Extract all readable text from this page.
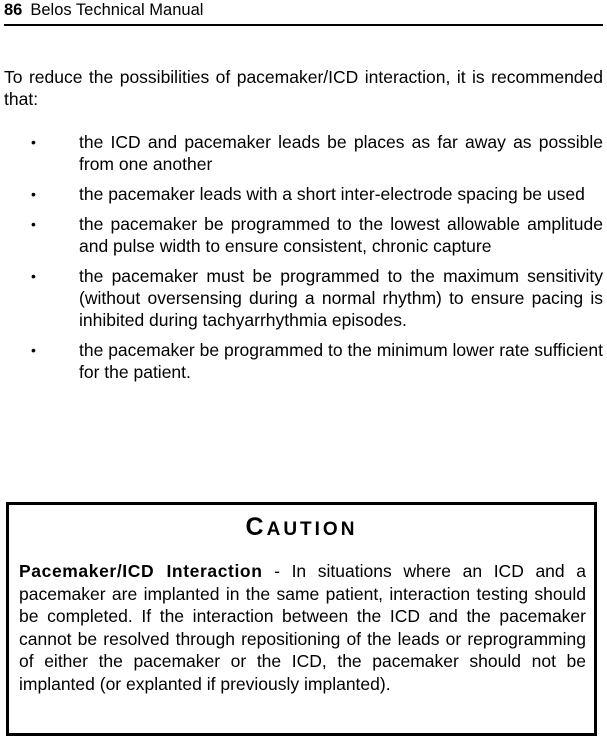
86 Belos Technical Manual
To reduce the possibilities of pacemaker/ICD interaction, it is recommended that:
• the ICD and pacemaker leads be places as far away as possible from one another
• the pacemaker leads with a short inter-electrode spacing be used
• the pacemaker be programmed to the lowest allowable amplitude and pulse width to ensure consistent, chronic capture
• the pacemaker must be programmed to the maximum sensitivity (without oversensing during a normal rhythm) to ensure pacing is inhibited during tachyarrhythmia episodes.
• the pacemaker be programmed to the minimum lower rate sufficient for the patient.
CAUTION
Pacemaker/ICD Interaction - In situations where an ICD and a pacemaker are implanted in the same patient, interaction testing should be completed. If the interaction between the ICD and the pacemaker cannot be resolved through repositioning of the leads or reprogramming of either the pacemaker or the ICD, the pacemaker should not be implanted (or explanted if previously implanted).
